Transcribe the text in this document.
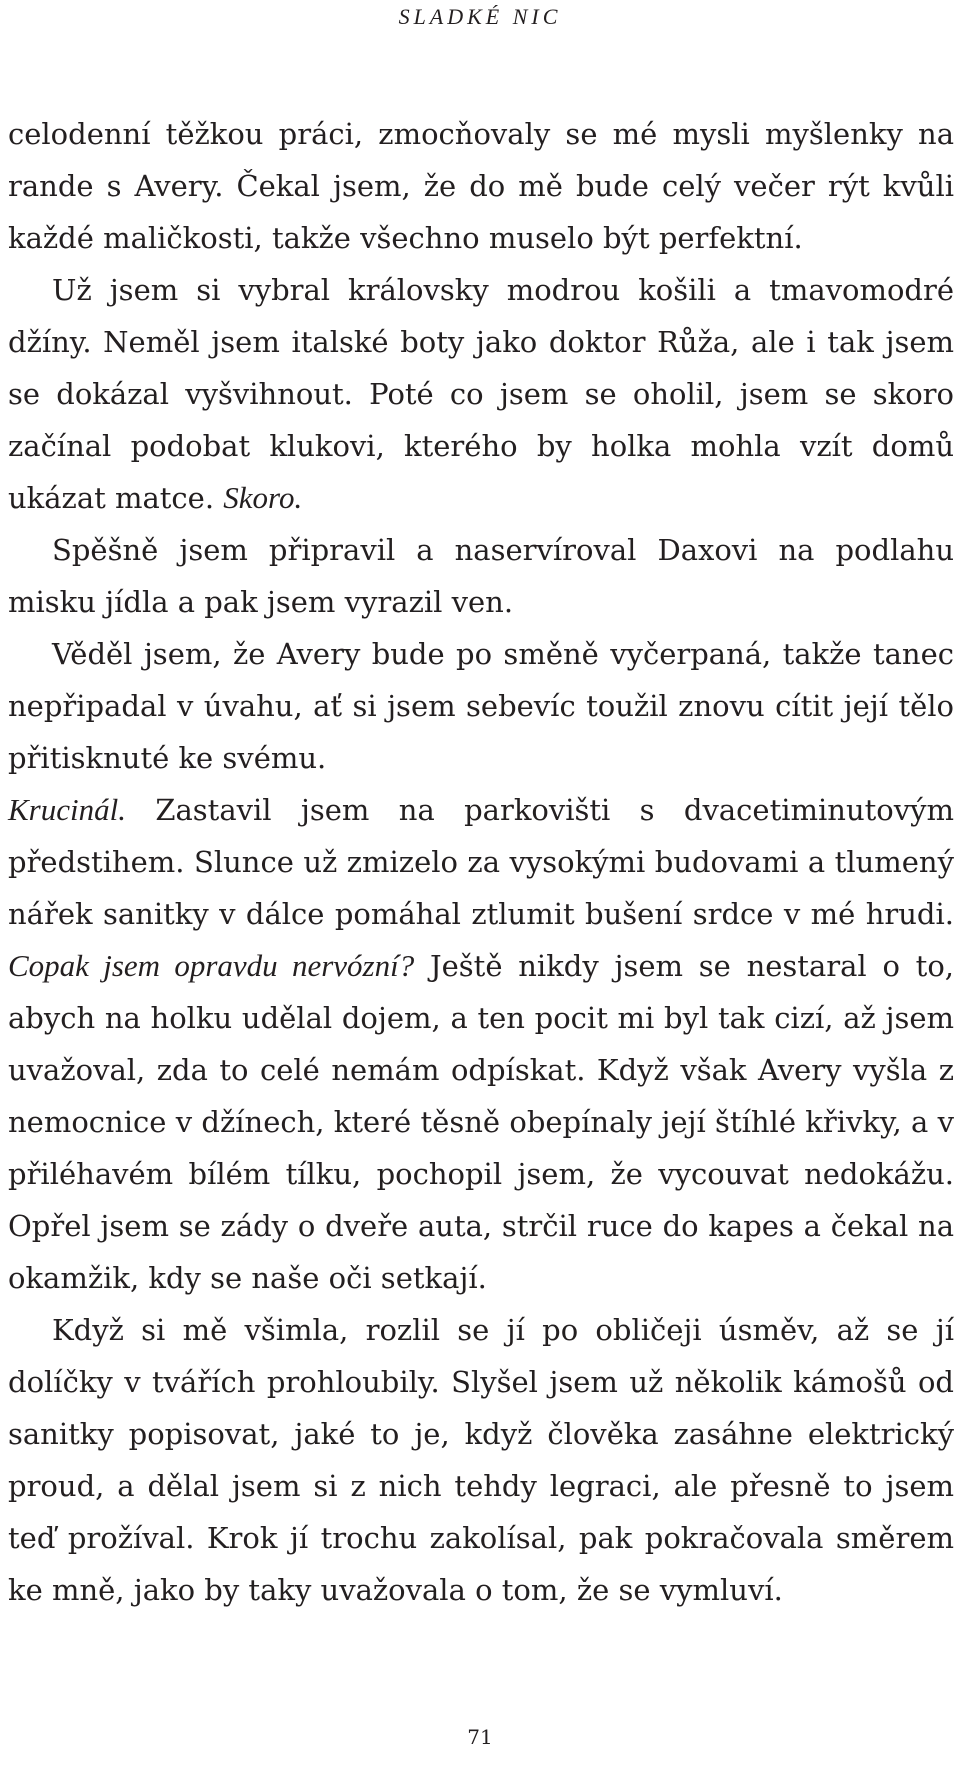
SLADKÉ NIC

celodenní těžkou práci, zmocňovaly se mé mysli myšlenky na rande s Avery. Čekal jsem, že do mě bude celý večer rýt kvůli každé maličkosti, takže všechno muselo být perfektní.

Už jsem si vybral královsky modrou košili a tmavomodré džíny. Neměl jsem italské boty jako doktor Růža, ale i tak jsem se dokázal vyšvihnout. Poté co jsem se oholil, jsem se skoro začínal podobat klukovi, kterého by holka mohla vzít domů ukázat matce. Skoro.

Spěšně jsem připravil a naservíroval Daxovi na podlahu misku jídla a pak jsem vyrazil ven.

Věděl jsem, že Avery bude po směně vyčerpaná, takže tanec nepřipadal v úvahu, ať si jsem sebevíc toužil znovu cítit její tělo přitisknuté ke svému.

Krucinál. Zastavil jsem na parkovišti s dvacetiminutovým předstihem. Slunce už zmizelo za vysokými budovami a tlumený nářek sanitky v dálce pomáhal ztlumit bušení srdce v mé hrudi. Copak jsem opravdu nervózní? Ještě nikdy jsem se nestaral o to, abych na holku udělal dojem, a ten pocit mi byl tak cizí, až jsem uvažoval, zda to celé nemám odpískat. Když však Avery vyšla z nemocnice v džínech, které těsně obepínaly její štíhlé křivky, a v přiléhavém bílém tílku, pochopil jsem, že vycouvat nedokážu. Opřel jsem se zády o dveře auta, strčil ruce do kapes a čekal na okamžik, kdy se naše oči setkají.

Když si mě všimla, rozlil se jí po obličeji úsměv, až se jí dolíčky v tvářích prohloubily. Slyšel jsem už několik kámošů od sanitky popisovat, jaké to je, když člověka zasáhne elektrický proud, a dělal jsem si z nich tehdy legraci, ale přesně to jsem teď prožíval. Krok jí trochu zakolísal, pak pokračovala směrem ke mně, jako by taky uvažovala o tom, že se vymluví.

71
